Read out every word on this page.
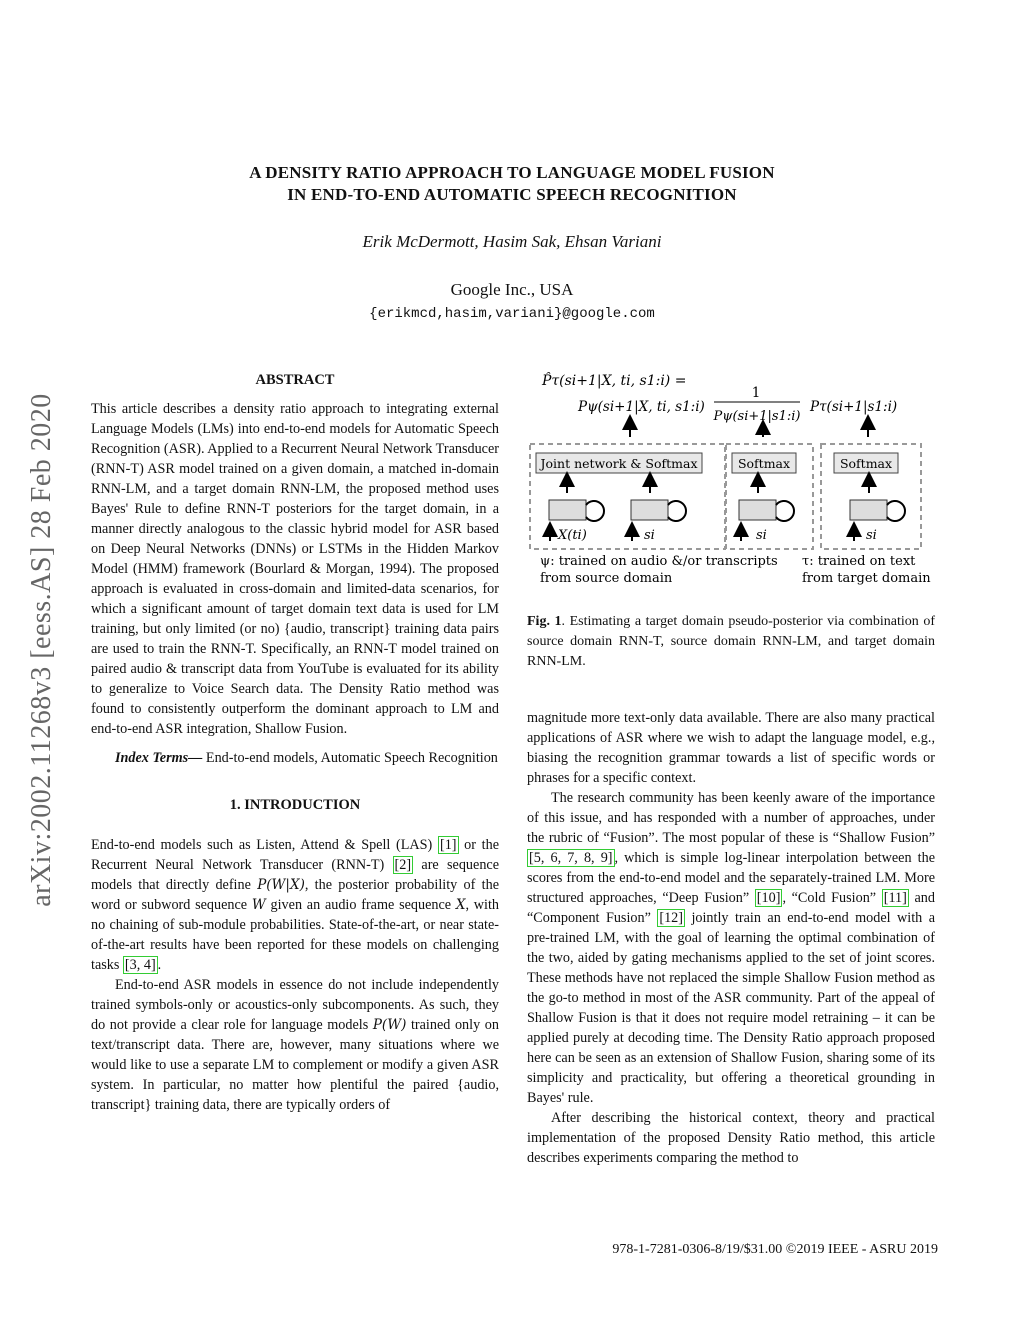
arXiv:2002.11268v3 [eess.AS] 28 Feb 2020
A DENSITY RATIO APPROACH TO LANGUAGE MODEL FUSION
IN END-TO-END AUTOMATIC SPEECH RECOGNITION
Erik McDermott, Hasim Sak, Ehsan Variani
Google Inc., USA
{erikmcd,hasim,variani}@google.com
ABSTRACT

This article describes a density ratio approach to integrating external Language Models (LMs) into end-to-end models for Automatic Speech Recognition (ASR). Applied to a Recurrent Neural Network Transducer (RNN-T) ASR model trained on a given domain, a matched in-domain RNN-LM, and a target domain RNN-LM, the proposed method uses Bayes' Rule to define RNN-T posteriors for the target domain, in a manner directly analogous to the classic hybrid model for ASR based on Deep Neural Networks (DNNs) or LSTMs in the Hidden Markov Model (HMM) framework (Bourlard & Morgan, 1994). The proposed approach is evaluated in cross-domain and limited-data scenarios, for which a significant amount of target domain text data is used for LM training, but only limited (or no) {audio, transcript} training data pairs are used to train the RNN-T. Specifically, an RNN-T model trained on paired audio & transcript data from YouTube is evaluated for its ability to generalize to Voice Search data. The Density Ratio method was found to consistently outperform the dominant approach to LM and end-to-end ASR integration, Shallow Fusion.

Index Terms— End-to-end models, Automatic Speech Recognition

1. INTRODUCTION

End-to-end models such as Listen, Attend & Spell (LAS) [1] or the Recurrent Neural Network Transducer (RNN-T) [2] are sequence models that directly define P(W|X), the posterior probability of the word or subword sequence W given an audio frame sequence X, with no chaining of sub-module probabilities. State-of-the-art, or near state-of-the-art results have been reported for these models on challenging tasks [3, 4] .

End-to-end ASR models in essence do not include independently trained symbols-only or acoustics-only subcomponents. As such, they do not provide a clear role for language models P(W) trained only on text/transcript data. There are, however, many situations where we would like to use a separate LM to complement or modify a given ASR system. In particular, no matter how plentiful the paired {audio, transcript} training data, there are typically orders of

P̂τ(si+1|X, ti, s1:i) =
Pψ(si+1|X, ti, s1:i)
1
Pψ(si+1|s1:i)
Pτ(si+1|s1:i)
Joint network & Softmax	Softmax	Softmax
X(ti)	si	si	si
ψ: trained on audio &/or transcripts
from source domain
τ: trained on text
from target domain
Fig. 1. Estimating a target domain pseudo-posterior via combination of source domain RNN-T, source domain RNN-LM, and target domain RNN-LM.

magnitude more text-only data available. There are also many practical applications of ASR where we wish to adapt the language model, e.g., biasing the recognition grammar towards a list of specific words or phrases for a specific context.

The research community has been keenly aware of the importance of this issue, and has responded with a number of approaches, under the rubric of “Fusion”. The most popular of these is “Shallow Fusion” [5, 6, 7, 8, 9] , which is simple log-linear interpolation between the scores from the end-to-end model and the separately-trained LM. More structured approaches, “Deep Fusion” [10] , “Cold Fusion” [11] and “Component Fusion” [12] jointly train an end-to-end model with a pre-trained LM, with the goal of learning the optimal combination of the two, aided by gating mechanisms applied to the set of joint scores. These methods have not replaced the simple Shallow Fusion method as the go-to method in most of the ASR community. Part of the appeal of Shallow Fusion is that it does not require model retraining – it can be applied purely at decoding time. The Density Ratio approach proposed here can be seen as an extension of Shallow Fusion, sharing some of its simplicity and practicality, but offering a theoretical grounding in Bayes' rule.

After describing the historical context, theory and practical implementation of the proposed Density Ratio method, this article describes experiments comparing the method to

978-1-7281-0306-8/19/$31.00 ©2019 IEEE - ASRU 2019
